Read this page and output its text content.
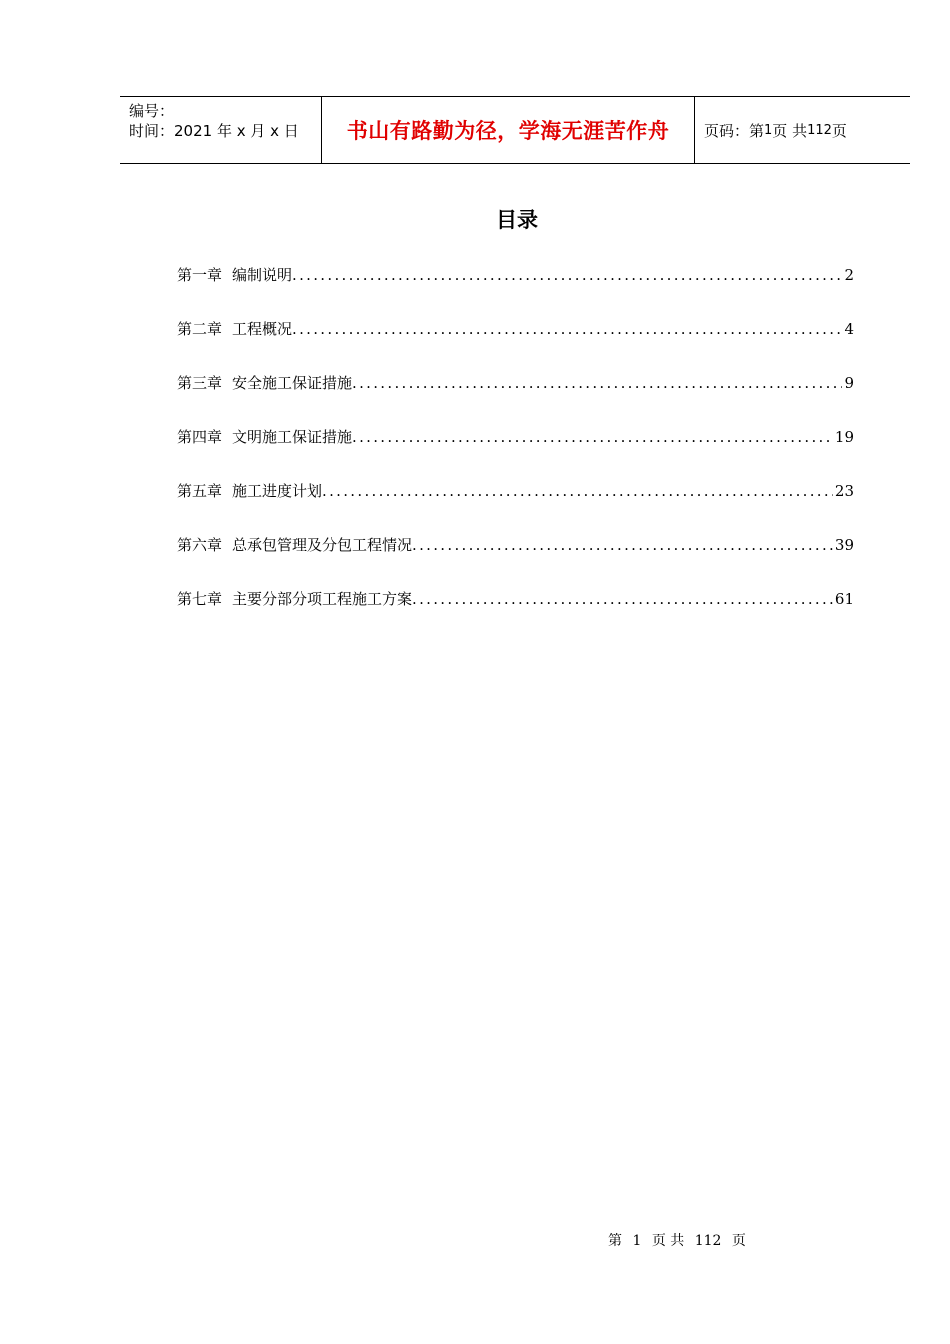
编号：
时间：2021 年 x 月 x 日	书山有路勤为径，学海无涯苦作舟	页码：第 1 页 共 112 页
目录
第一章 编制说明 .....	2
第二章 工程概况 .....	4
第三章 安全施工保证措施 .....	9
第四章 文明施工保证措施 .....	19
第五章 施工进度计划 .....	23
第六章 总承包管理及分包工程情况 .....	39
第七章 主要分部分项工程施工方案 .....	61
第 1 页 共 112 页
